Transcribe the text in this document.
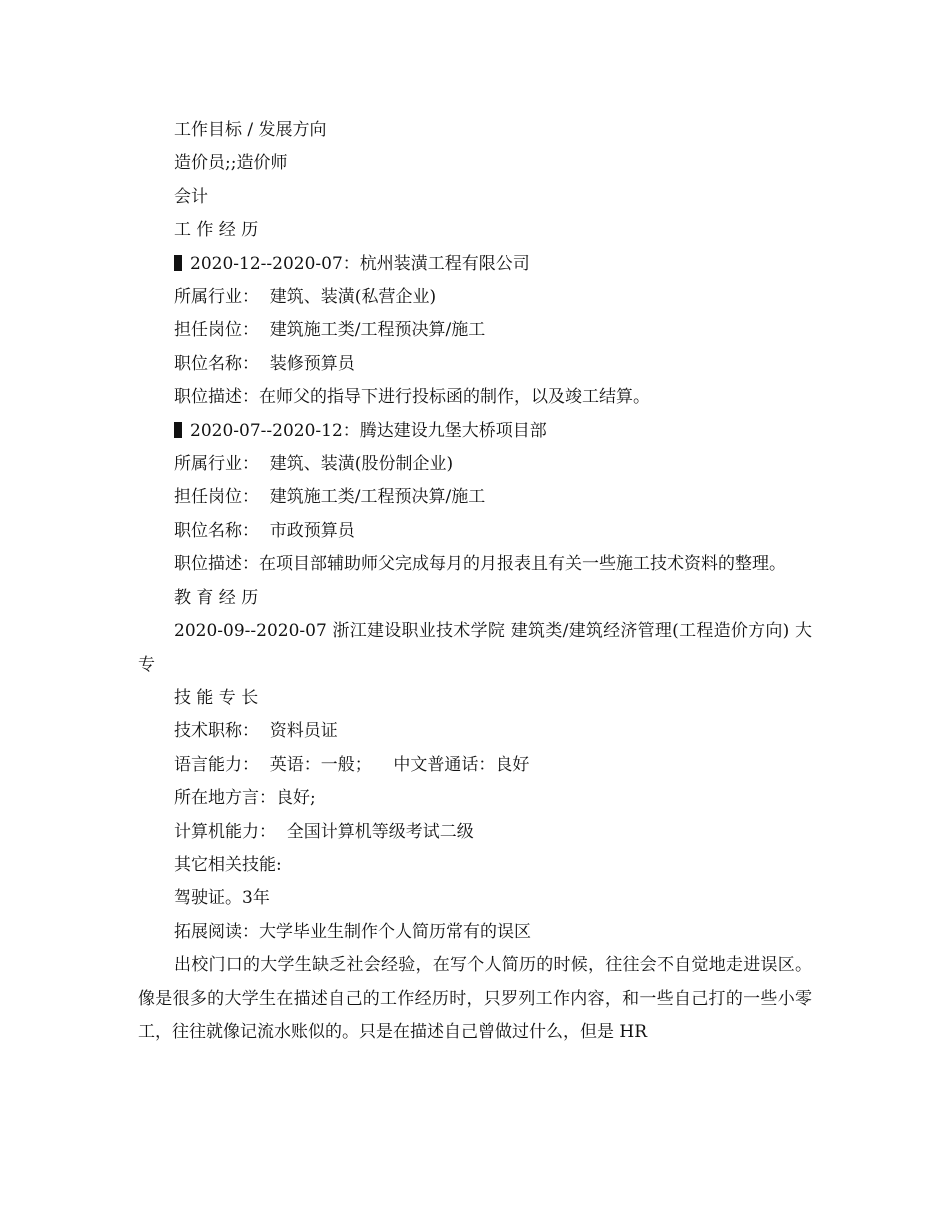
工作目标 / 发展方向

造价员;;造价师

会计

工 作 经 历

2020-12--2020-07：杭州装潢工程有限公司

所属行业：  建筑、装潢(私营企业)

担任岗位：  建筑施工类/工程预决算/施工

职位名称：  装修预算员

职位描述：在师父的指导下进行投标函的制作，以及竣工结算。

2020-07--2020-12：腾达建设九堡大桥项目部

所属行业：  建筑、装潢(股份制企业)

担任岗位：  建筑施工类/工程预决算/施工

职位名称：  市政预算员

职位描述：在项目部辅助师父完成每月的月报表且有关一些施工技术资料的整理。

教 育 经 历

2020-09--2020-07 浙江建设职业技术学院 建筑类/建筑经济管理(工程造价方向) 大专

技 能 专 长

技术职称：  资料员证

语言能力：  英语：一般；    中文普通话：良好

所在地方言：良好;

计算机能力：  全国计算机等级考试二级

其它相关技能:

驾驶证。3年

拓展阅读：大学毕业生制作个人简历常有的误区

出校门口的大学生缺乏社会经验，在写个人简历的时候，往往会不自觉地走进误区。像是很多的大学生在描述自己的工作经历时，只罗列工作内容，和一些自己打的一些小零工，往往就像记流水账似的。只是在描述自己曾做过什么，但是 HR
